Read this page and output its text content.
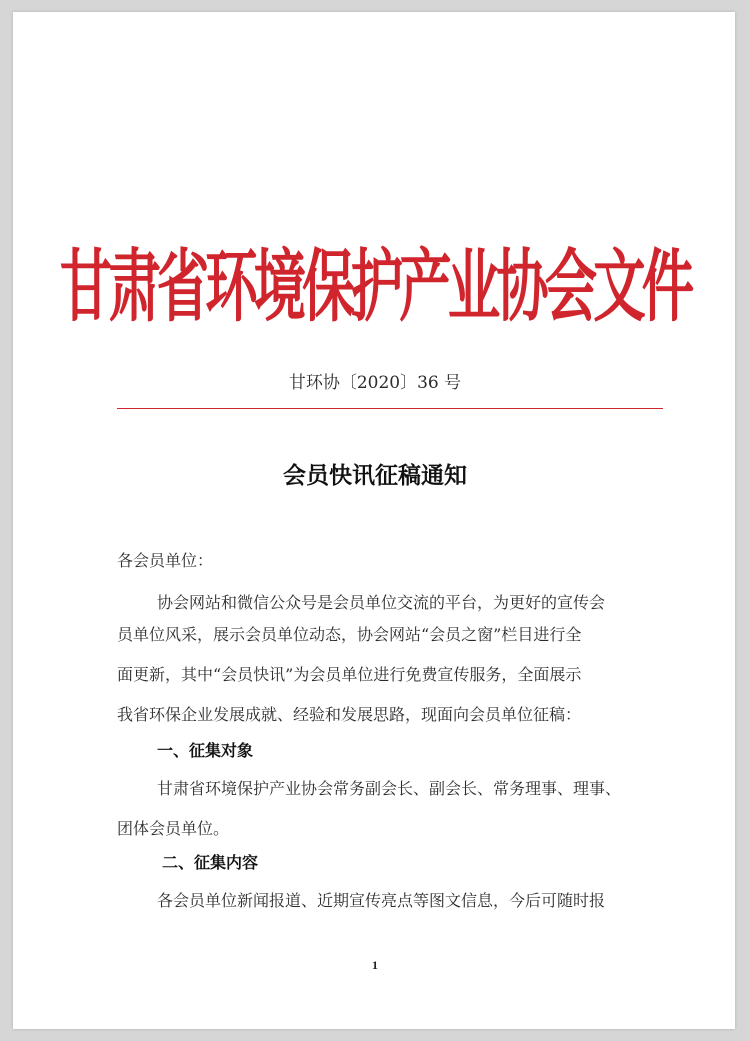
甘肃省环境保护产业协会文件
甘环协〔2020〕36 号
会员快讯征稿通知
各会员单位：
协会网站和微信公众号是会员单位交流的平台，为更好的宣传会
员单位风采，展示会员单位动态，协会网站“会员之窗”栏目进行全
面更新，其中“会员快讯”为会员单位进行免费宣传服务，全面展示
我省环保企业发展成就、经验和发展思路，现面向会员单位征稿：
一、征集对象
甘肃省环境保护产业协会常务副会长、副会长、常务理事、理事、
团体会员单位。
二、征集内容
各会员单位新闻报道、近期宣传亮点等图文信息，今后可随时报
1
